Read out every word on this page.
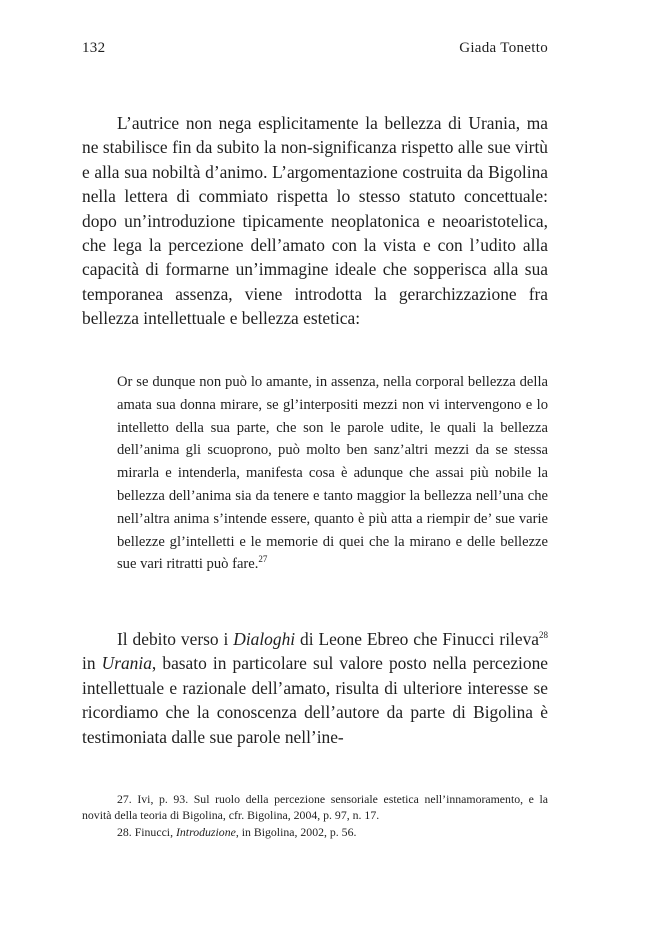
132	Giada Tonetto

L’autrice non nega esplicitamente la bellezza di Urania, ma ne stabilisce fin da subito la non-significanza rispetto alle sue virtù e alla sua nobiltà d’animo. L’argomentazione costruita da Bigolina nella lettera di commiato rispetta lo stesso statuto concettuale: dopo un’introduzione tipicamente neoplatonica e neoaristotelica, che lega la percezione dell’amato con la vista e con l’udito alla capacità di formarne un’immagine ideale che sopperisca alla sua temporanea assenza, viene introdotta la gerarchizzazione fra bellezza intellettuale e bellezza estetica:

Or se dunque non può lo amante, in assenza, nella corporal bellezza della amata sua donna mirare, se gl’interpositi mezzi non vi intervengono e lo intelletto della sua parte, che son le parole udite, le quali la bellezza dell’anima gli scuoprono, può molto ben sanz’altri mezzi da se stessa mirarla e intenderla, manifesta cosa è adunque che assai più nobile la bellezza dell’anima sia da tenere e tanto maggior la bellezza nell’una che nell’altra anima s’intende essere, quanto è più atta a riempir de’ sue varie bellezze gl’intelletti e le memorie di quei che la mirano e delle bellezze sue vari ritratti può fare.$^{27}$

Il debito verso i Dialoghi di Leone Ebreo che Finucci rileva$^{28}$ in Urania, basato in particolare sul valore posto nella percezione intellettuale e razionale dell’amato, risulta di ulteriore interesse se ricordiamo che la conoscenza dell’autore da parte di Bigolina è testimoniata dalle sue parole nell’ine-

27. Ivi, p. 93. Sul ruolo della percezione sensoriale estetica nell’innamoramento, e la novità della teoria di Bigolina, cfr. Bigolina, 2004, p. 97, n. 17.

28. Finucci, Introduzione, in Bigolina, 2002, p. 56.
